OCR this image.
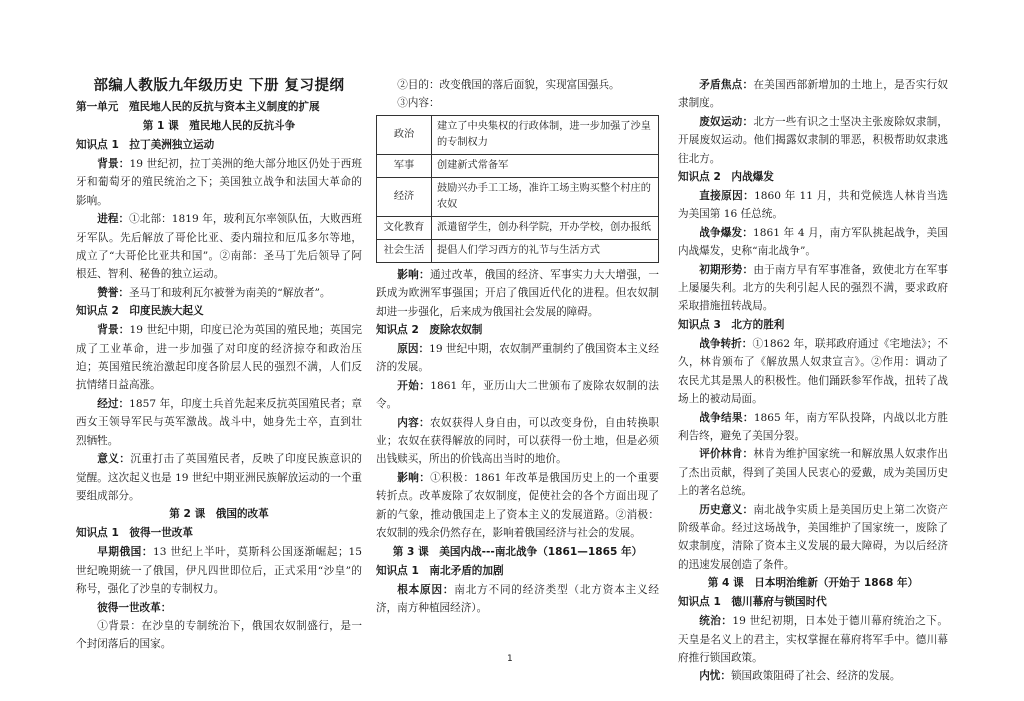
部编人教版九年级历史 下册 复习提纲
第一单元　殖民地人民的反抗与资本主义制度的扩展
第 1 课　殖民地人民的反抗斗争
知识点 1　拉丁美洲独立运动

背景：19 世纪初，拉丁美洲的绝大部分地区仍处于西班牙和葡萄牙的殖民统治之下；美国独立战争和法国大革命的影响。

进程：①北部：1819 年，玻利瓦尔率领队伍，大败西班牙军队。先后解放了哥伦比亚、委内瑞拉和厄瓜多尔等地，成立了“大哥伦比亚共和国”。②南部：圣马丁先后领导了阿根廷、智利、秘鲁的独立运动。

赞誉：圣马丁和玻利瓦尔被誉为南美的“解放者”。

知识点 2　印度民族大起义

背景：19 世纪中期，印度已沦为英国的殖民地；英国完成了工业革命，进一步加强了对印度的经济掠夺和政治压迫；英国殖民统治激起印度各阶层人民的强烈不满，人们反抗情绪日益高涨。

经过：1857 年，印度土兵首先起来反抗英国殖民者；章西女王领导军民与英军激战。战斗中，她身先士卒，直到壮烈牺牲。

意义：沉重打击了英国殖民者，反映了印度民族意识的觉醒。这次起义也是 19 世纪中期亚洲民族解放运动的一个重要组成部分。

第 2 课　俄国的改革
知识点 1　彼得一世改革

早期俄国：13 世纪上半叶，莫斯科公国逐渐崛起；15 世纪晚期統一了俄国，伊凡四世即位后，正式采用“沙皇”的称号，强化了沙皇的专制权力。

彼得一世改革：

①背景：在沙皇的专制统治下，俄国农奴制盛行，是一个封闭落后的国家。

②目的：改变俄国的落后面貌，实现富国强兵。

③内容：

政治	建立了中央集权的行政体制，进一步加强了沙皇的专制权力
军事	创建新式常备军
经济	鼓励兴办手工工场，准许工场主购买整个村庄的农奴
文化教育	派遣留学生，创办科学院，开办学校，创办报纸
社会生活	提倡人们学习西方的礼节与生活方式

影响：通过改革，俄国的经济、军事实力大大增强，一跃成为欧洲军事强国；开启了俄国近代化的进程。但农奴制却进一步强化，后来成为俄国社会发展的障碍。

知识点 2　废除农奴制

原因：19 世纪中期，农奴制严重制约了俄国资本主义经济的发展。

开始：1861 年，亚历山大二世颁布了废除农奴制的法令。

内容：农奴获得人身自由，可以改变身份，自由转换职业；农奴在获得解放的同时，可以获得一份土地，但是必须出钱赎买，所出的价钱高出当时的地价。

影响：①积极：1861 年改革是俄国历史上的一个重要转折点。改革废除了农奴制度，促使社会的各个方面出现了新的气象，推动俄国走上了资本主义的发展道路。②消极：农奴制的残余仍然存在，影响着俄国经济与社会的发展。

第 3 课　美国内战---南北战争（1861—1865 年）
知识点 1　南北矛盾的加剧

根本原因：南北方不同的经济类型（北方资本主义经济，南方种植园经济）。

矛盾焦点：在美国西部新增加的土地上，是否实行奴隶制度。

废奴运动：北方一些有识之士坚决主张废除奴隶制，开展废奴运动。他们揭露奴隶制的罪恶，积极帮助奴隶逃往北方。

知识点 2　内战爆发

直接原因：1860 年 11 月，共和党候选人林肯当选为美国第 16 任总统。

战争爆发：1861 年 4 月，南方军队挑起战争，美国内战爆发，史称“南北战争”。

初期形势：由于南方早有军事准备，致使北方在军事上屡屡失利。北方的失利引起人民的强烈不满，要求政府采取措施扭转战局。

知识点 3　北方的胜利

战争转折：①1862 年，联邦政府通过《宅地法》；不久，林肯颁布了《解放黑人奴隶宣言》。②作用：调动了农民尤其是黑人的积极性。他们踊跃参军作战，扭转了战场上的被动局面。

战争结果：1865 年，南方军队投降，内战以北方胜利告终，避免了美国分裂。

评价林肯：林肯为维护国家统一和解放黑人奴隶作出了杰出贡献，得到了美国人民衷心的爱戴，成为美国历史上的著名总统。

历史意义：南北战争实质上是美国历史上第二次资产阶级革命。经过这场战争，美国维护了国家统一，废除了奴隶制度，清除了资本主义发展的最大障碍，为以后经济的迅速发展创造了条件。

第 4 课　日本明治维新（开始于 1868 年）
知识点 1　德川幕府与锁国时代

统治：19 世纪初期，日本处于德川幕府统治之下。天皇是名义上的君主，实权掌握在幕府将军手中。德川幕府推行锁国政策。

内忧：锁国政策阻碍了社会、经济的发展。

1
